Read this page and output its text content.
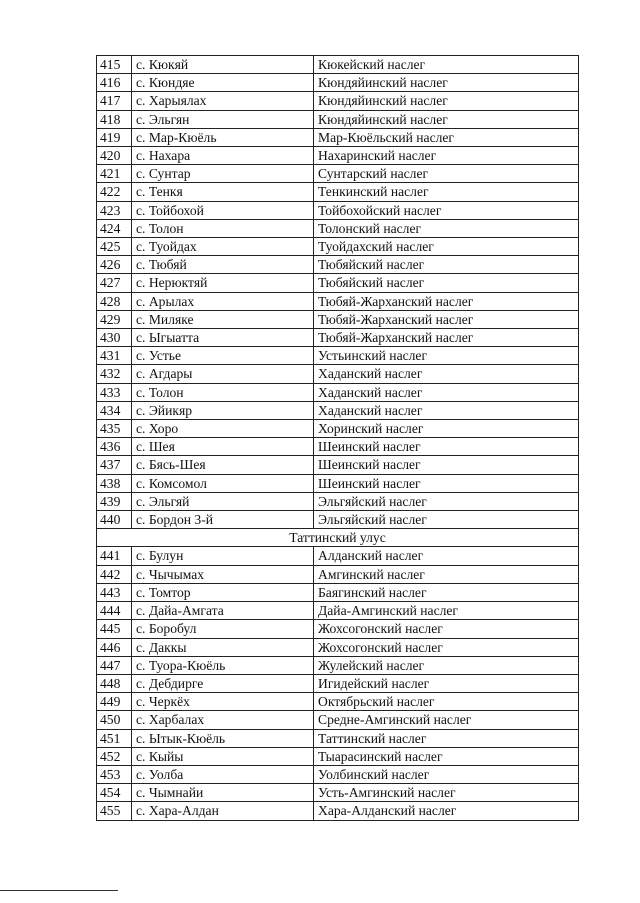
415	с. Кюкяй	Кюкейский наслег
416	с. Кюндяе	Кюндяйинский наслег
417	с. Харыялах	Кюндяйинский наслег
418	с. Эльгян	Кюндяйинский наслег
419	с. Мар-Кюёль	Мар-Кюёльский наслег
420	с. Нахара	Нахаринский наслег
421	с. Сунтар	Сунтарский наслег
422	с. Тенкя	Тенкинский наслег
423	с. Тойбохой	Тойбохойский наслег
424	с. Толон	Толонский наслег
425	с. Туойдах	Туойдахский наслег
426	с. Тюбяй	Тюбяйский наслег
427	с. Нерюктяй	Тюбяйский наслег
428	с. Арылах	Тюбяй-Жарханский наслег
429	с. Миляке	Тюбяй-Жарханский наслег
430	с. Ыгыатта	Тюбяй-Жарханский наслег
431	с. Устье	Устьинский наслег
432	с. Агдары	Хаданский наслег
433	с. Толон	Хаданский наслег
434	с. Эйикяр	Хаданский наслег
435	с. Хоро	Хоринский наслег
436	с. Шея	Шеинский наслег
437	с. Бясь-Шея	Шеинский наслег
438	с. Комсомол	Шеинский наслег
439	с. Эльгяй	Эльгяйский наслег
440	с. Бордон 3-й	Эльгяйский наслег
Таттинский улус		
441	с. Булун	Алданский наслег
442	с. Чычымах	Амгинский наслег
443	с. Томтор	Баягинский наслег
444	с. Дайа-Амгата	Дайа-Амгинский наслег
445	с. Боробул	Жохсогонский наслег
446	с. Даккы	Жохсогонский наслег
447	с. Туора-Кюёль	Жулейский наслег
448	с. Дебдирге	Игидейский наслег
449	с. Черкёх	Октябрьский наслег
450	с. Харбалах	Средне-Амгинский наслег
451	с. Ытык-Кюёль	Таттинский наслег
452	с. Кыйы	Тыарасинский наслег
453	с. Уолба	Уолбинский наслег
454	с. Чымнайи	Усть-Амгинский наслег
455	с. Хара-Алдан	Хара-Алданский наслег
